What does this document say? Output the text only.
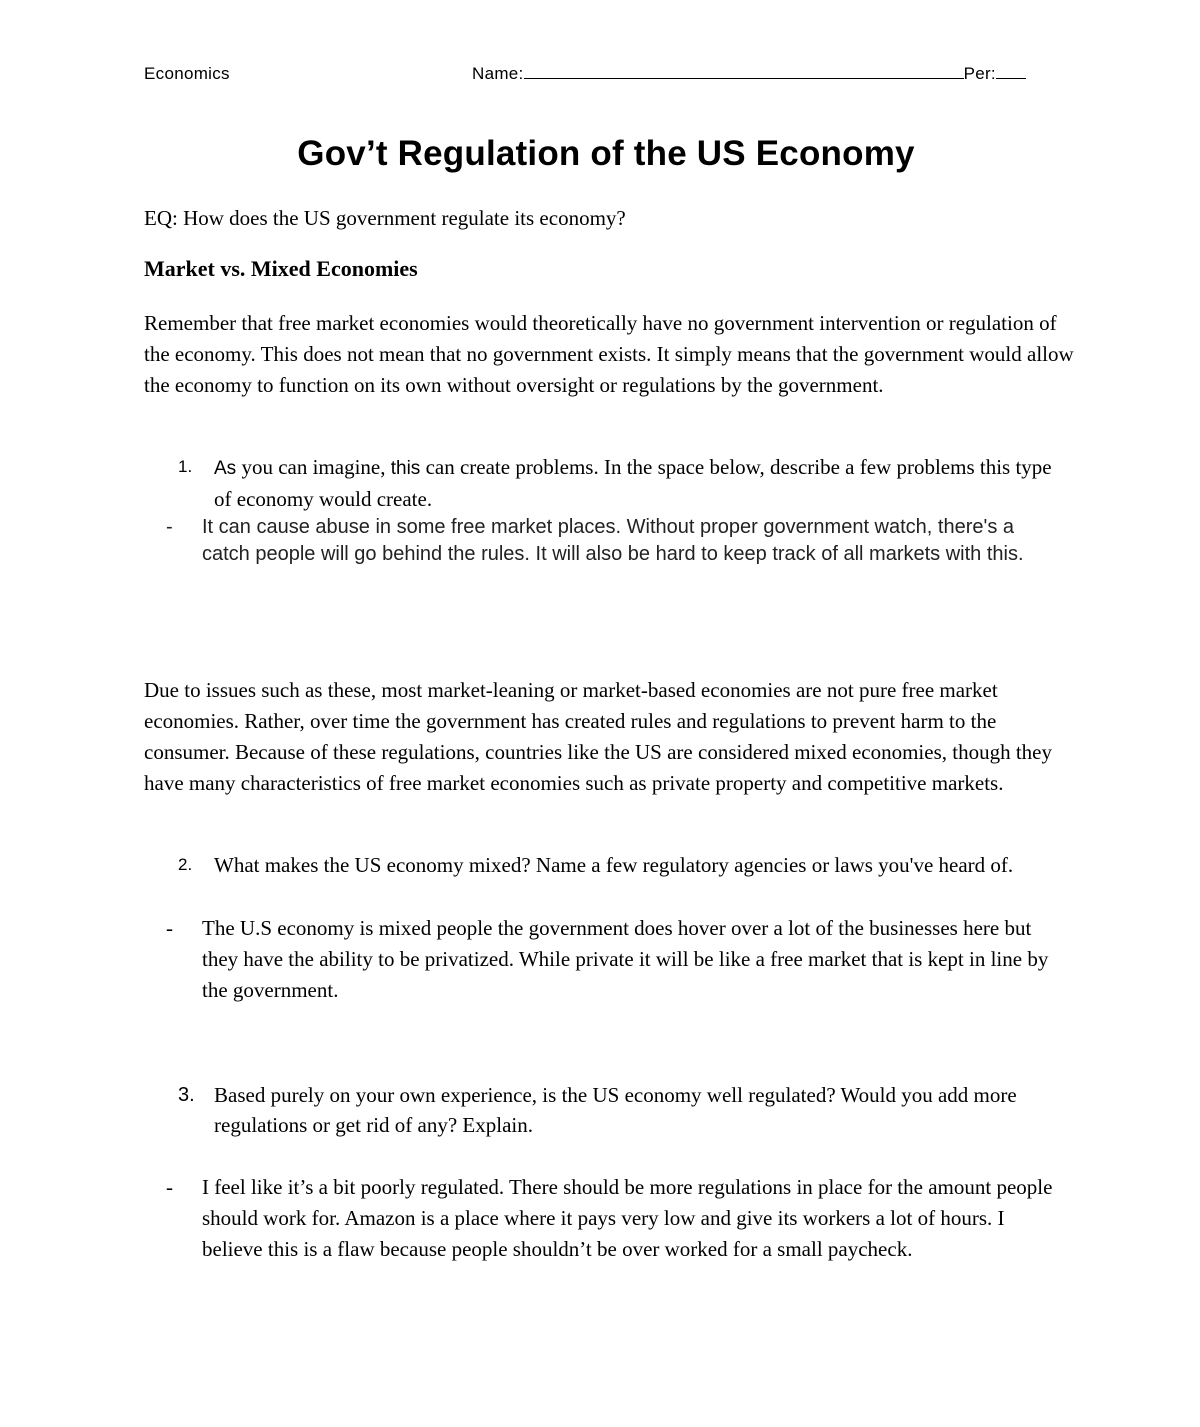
Economics	Name:	Per:
Gov’t Regulation of the US Economy
EQ: How does the US government regulate its economy?
Market vs. Mixed Economies
Remember that free market economies would theoretically have no government intervention or regulation of the economy. This does not mean that no government exists. It simply means that the government would allow the economy to function on its own without oversight or regulations by the government.
1.	As you can imagine, this can create problems. In the space below, describe a few problems this type of economy would create.
- It can cause abuse in some free market places. Without proper government watch, there's a catch people will go behind the rules. It will also be hard to keep track of all markets with this.
Due to issues such as these, most market-leaning or market-based economies are not pure free market economies. Rather, over time the government has created rules and regulations to prevent harm to the consumer. Because of these regulations, countries like the US are considered mixed economies, though they have many characteristics of free market economies such as private property and competitive markets.
2.	What makes the US economy mixed? Name a few regulatory agencies or laws you've heard of.
- The U.S economy is mixed people the government does hover over a lot of the businesses here but they have the ability to be privatized. While private it will be like a free market that is kept in line by the government.
3. Based purely on your own experience, is the US economy well regulated? Would you add more regulations or get rid of any? Explain.
- I feel like it’s a bit poorly regulated. There should be more regulations in place for the amount people should work for. Amazon is a place where it pays very low and give its workers a lot of hours. I believe this is a flaw because people shouldn’t be over worked for a small paycheck.
